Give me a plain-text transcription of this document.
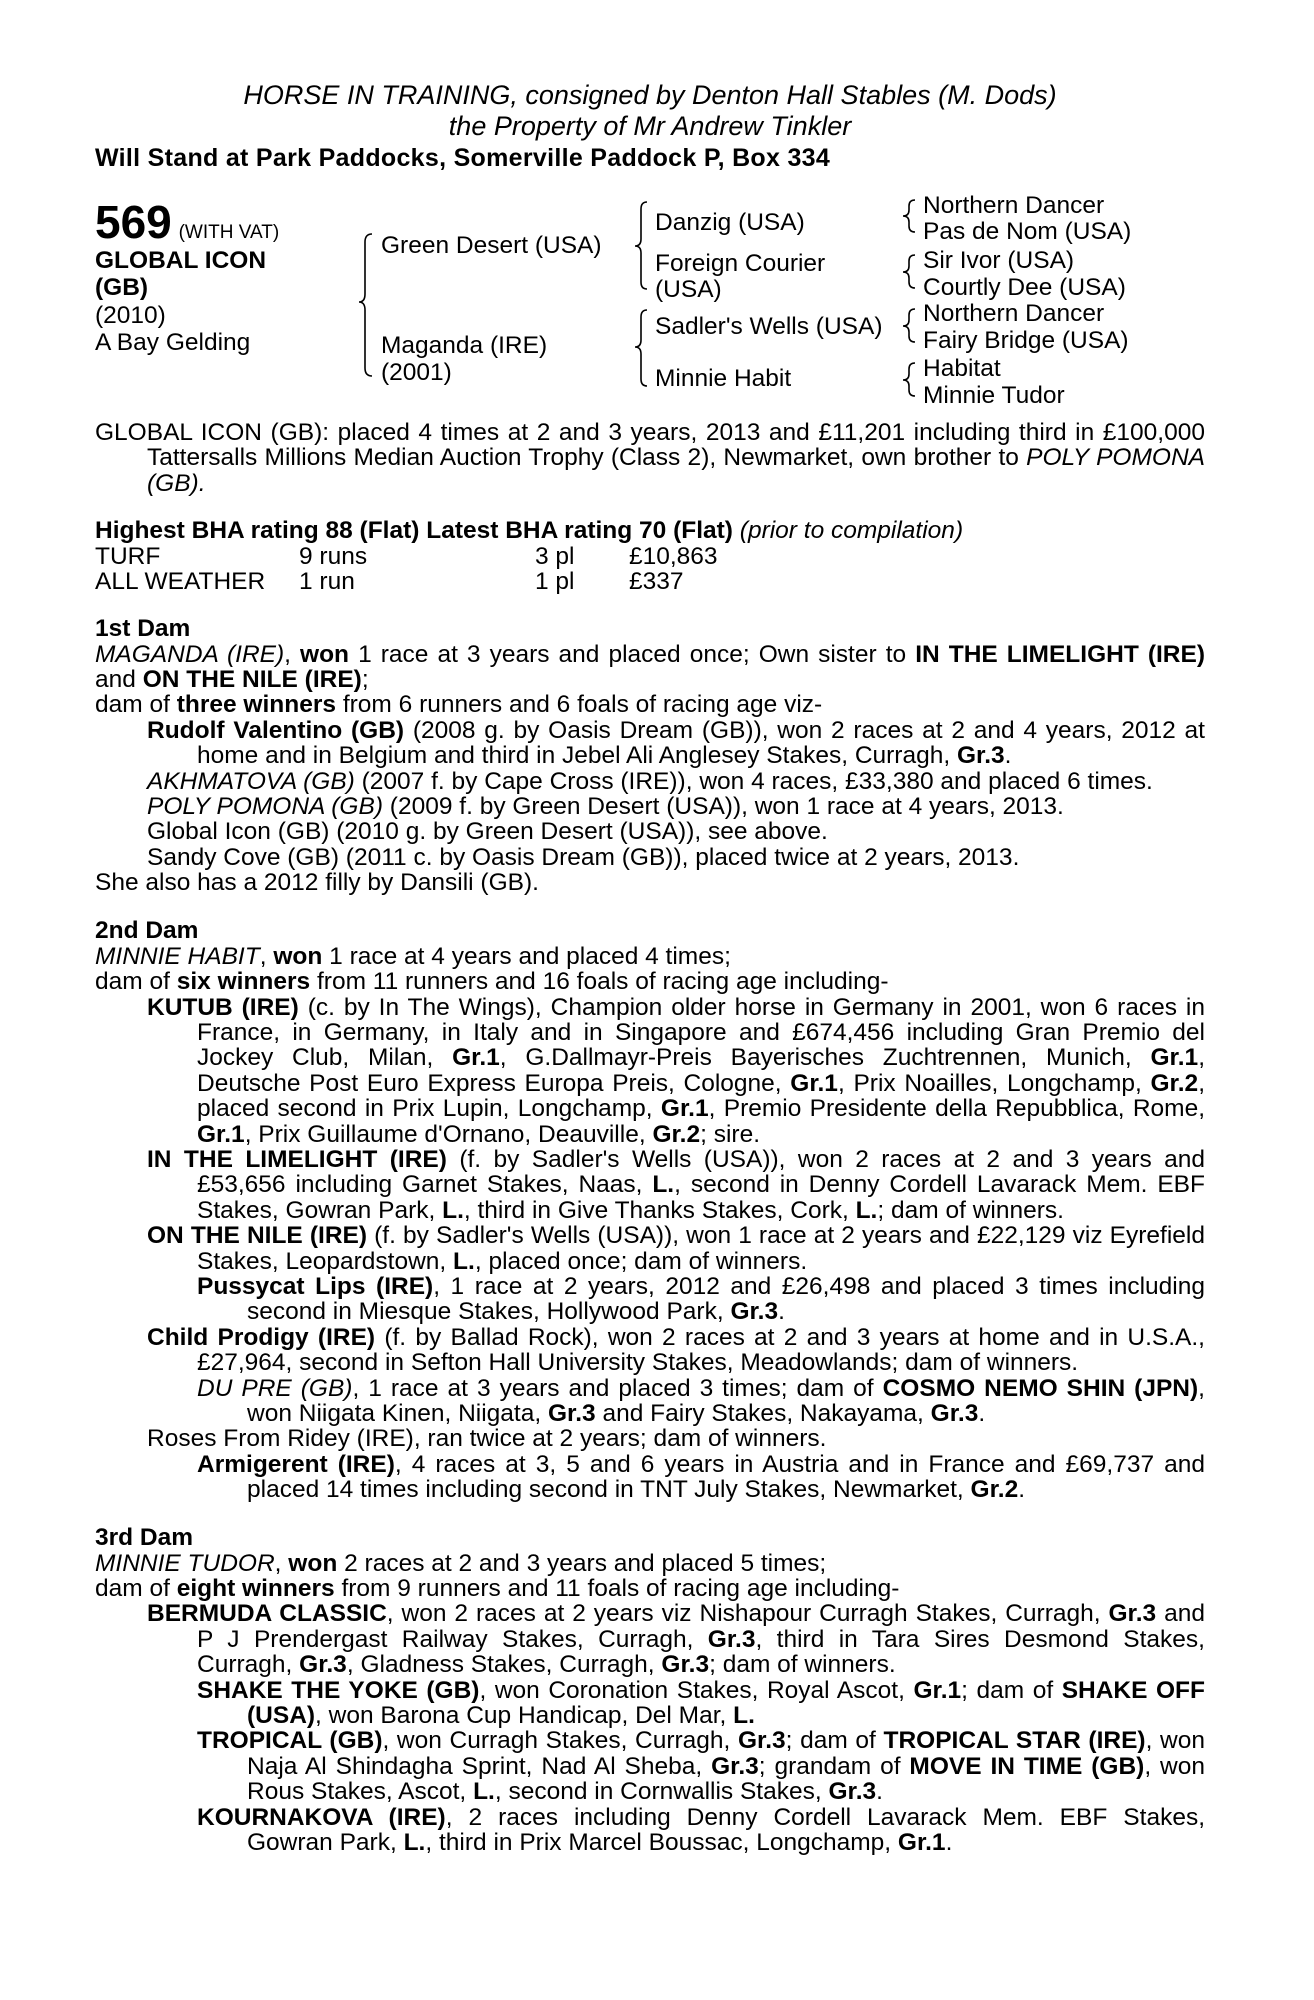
HORSE IN TRAINING, consigned by Denton Hall Stables (M. Dods)
the Property of Mr Andrew Tinkler
Will Stand at Park Paddocks, Somerville Paddock P, Box 334
569 (WITH VAT)
GLOBAL ICON
(GB)
(2010)
A Bay Gelding
Green Desert (USA)
Maganda (IRE)
(2001)
Danzig (USA)
Foreign Courier
(USA)
Sadler's Wells (USA)
Minnie Habit
Northern Dancer
Pas de Nom (USA)
Sir Ivor (USA)
Courtly Dee (USA)
Northern Dancer
Fairy Bridge (USA)
Habitat
Minnie Tudor

GLOBAL ICON (GB): placed 4 times at 2 and 3 years, 2013 and £11,201 including third in £100,000 Tattersalls Millions Median Auction Trophy (Class 2), Newmarket, own brother to POLY POMONA (GB).

Highest BHA rating 88 (Flat) Latest BHA rating 70 (Flat) (prior to compilation)

TURF	9 runs	3 pl	£10,863
ALL WEATHER	1 run	1 pl	£337
1st Dam

MAGANDA (IRE), won 1 race at 3 years and placed once; Own sister to IN THE LIMELIGHT (IRE) and ON THE NILE (IRE);

dam of three winners from 6 runners and 6 foals of racing age viz-

Rudolf Valentino (GB) (2008 g. by Oasis Dream (GB)), won 2 races at 2 and 4 years, 2012 at home and in Belgium and third in Jebel Ali Anglesey Stakes, Curragh, Gr.3.

AKHMATOVA (GB) (2007 f. by Cape Cross (IRE)), won 4 races, £33,380 and placed 6 times.

POLY POMONA (GB) (2009 f. by Green Desert (USA)), won 1 race at 4 years, 2013.

Global Icon (GB) (2010 g. by Green Desert (USA)), see above.

Sandy Cove (GB) (2011 c. by Oasis Dream (GB)), placed twice at 2 years, 2013.

She also has a 2012 filly by Dansili (GB).

2nd Dam

MINNIE HABIT, won 1 race at 4 years and placed 4 times;

dam of six winners from 11 runners and 16 foals of racing age including-

KUTUB (IRE) (c. by In The Wings), Champion older horse in Germany in 2001, won 6 races in France, in Germany, in Italy and in Singapore and £674,456 including Gran Premio del Jockey Club, Milan, Gr.1, G.Dallmayr-Preis Bayerisches Zuchtrennen, Munich, Gr.1, Deutsche Post Euro Express Europa Preis, Cologne, Gr.1, Prix Noailles, Longchamp, Gr.2, placed second in Prix Lupin, Longchamp, Gr.1, Premio Presidente della Repubblica, Rome, Gr.1, Prix Guillaume d'Ornano, Deauville, Gr.2; sire.

IN THE LIMELIGHT (IRE) (f. by Sadler's Wells (USA)), won 2 races at 2 and 3 years and £53,656 including Garnet Stakes, Naas, L., second in Denny Cordell Lavarack Mem. EBF Stakes, Gowran Park, L., third in Give Thanks Stakes, Cork, L.; dam of winners.

ON THE NILE (IRE) (f. by Sadler's Wells (USA)), won 1 race at 2 years and £22,129 viz Eyrefield Stakes, Leopardstown, L., placed once; dam of winners.

Pussycat Lips (IRE), 1 race at 2 years, 2012 and £26,498 and placed 3 times including second in Miesque Stakes, Hollywood Park, Gr.3.

Child Prodigy (IRE) (f. by Ballad Rock), won 2 races at 2 and 3 years at home and in U.S.A., £27,964, second in Sefton Hall University Stakes, Meadowlands; dam of winners.

DU PRE (GB), 1 race at 3 years and placed 3 times; dam of COSMO NEMO SHIN (JPN), won Niigata Kinen, Niigata, Gr.3 and Fairy Stakes, Nakayama, Gr.3.

Roses From Ridey (IRE), ran twice at 2 years; dam of winners.

Armigerent (IRE), 4 races at 3, 5 and 6 years in Austria and in France and £69,737 and placed 14 times including second in TNT July Stakes, Newmarket, Gr.2.

3rd Dam

MINNIE TUDOR, won 2 races at 2 and 3 years and placed 5 times;

dam of eight winners from 9 runners and 11 foals of racing age including-

BERMUDA CLASSIC, won 2 races at 2 years viz Nishapour Curragh Stakes, Curragh, Gr.3 and P J Prendergast Railway Stakes, Curragh, Gr.3, third in Tara Sires Desmond Stakes, Curragh, Gr.3, Gladness Stakes, Curragh, Gr.3; dam of winners.

SHAKE THE YOKE (GB), won Coronation Stakes, Royal Ascot, Gr.1; dam of SHAKE OFF (USA), won Barona Cup Handicap, Del Mar, L.

TROPICAL (GB), won Curragh Stakes, Curragh, Gr.3; dam of TROPICAL STAR (IRE), won Naja Al Shindagha Sprint, Nad Al Sheba, Gr.3; grandam of MOVE IN TIME (GB), won Rous Stakes, Ascot, L., second in Cornwallis Stakes, Gr.3.

KOURNAKOVA (IRE), 2 races including Denny Cordell Lavarack Mem. EBF Stakes, Gowran Park, L., third in Prix Marcel Boussac, Longchamp, Gr.1.
